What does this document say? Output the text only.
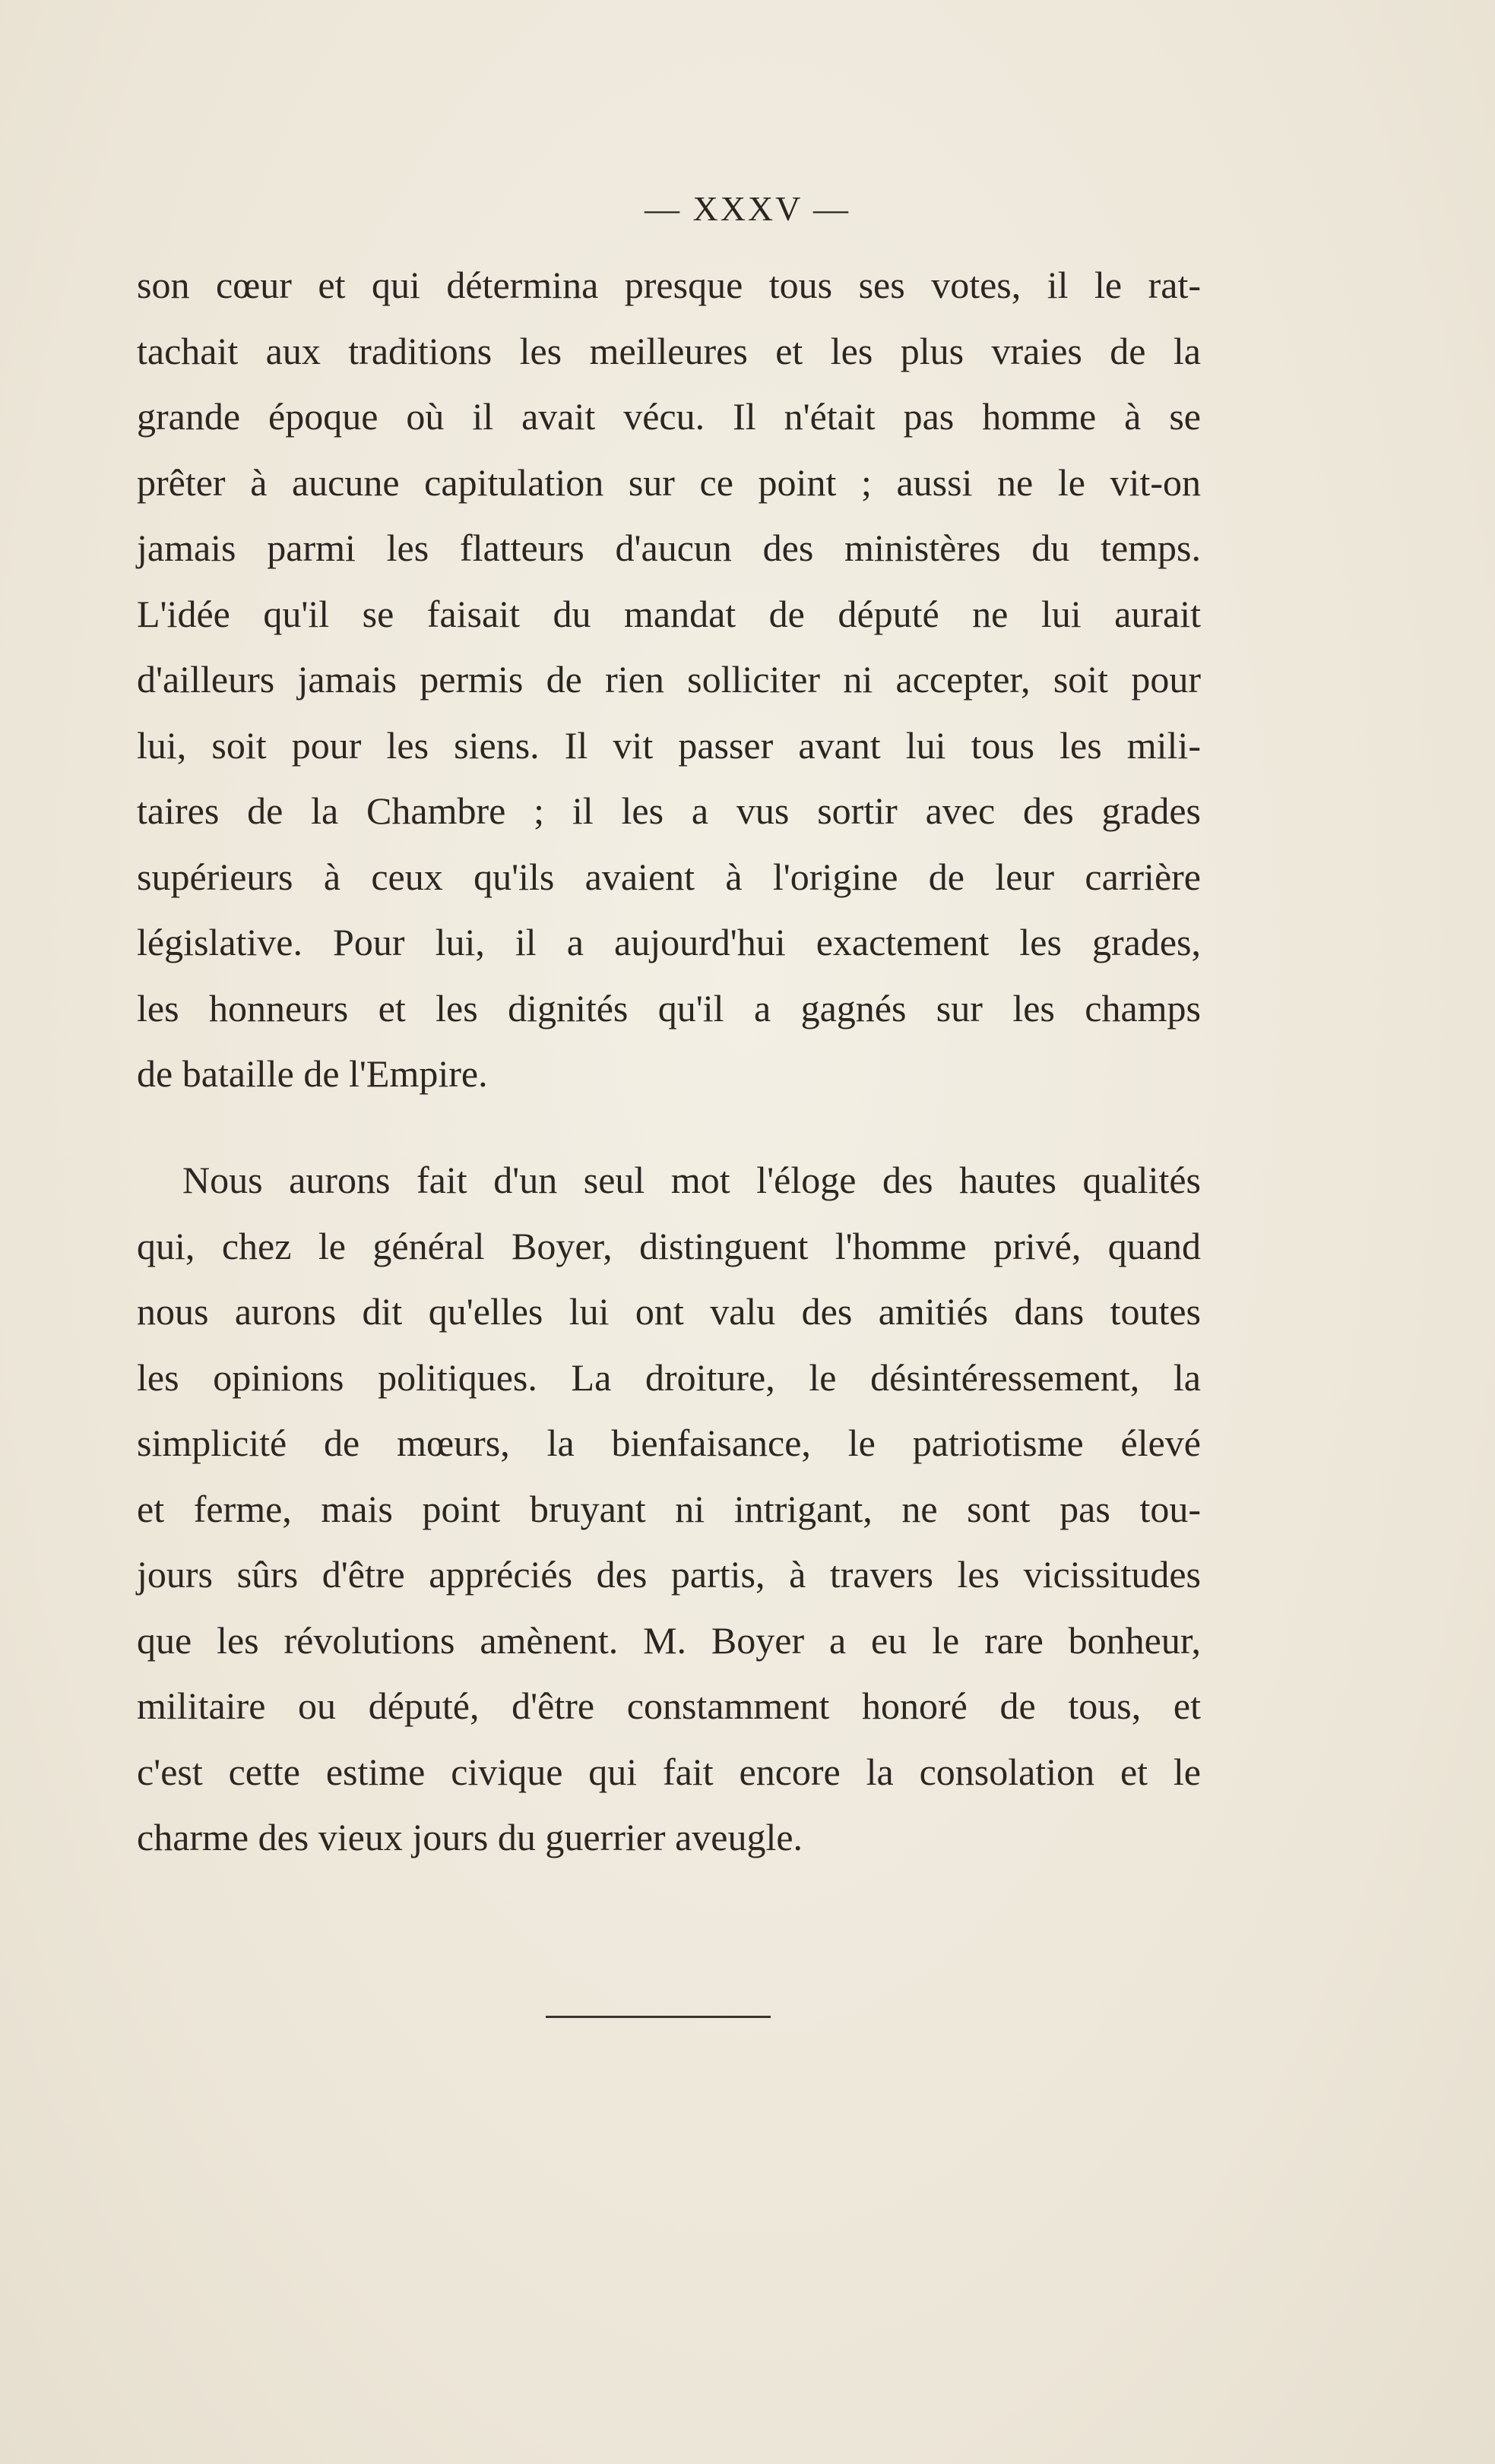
— XXXV —
son cœur et qui détermina presque tous ses votes, il le rat-
tachait aux traditions les meilleures et les plus vraies de la
grande époque où il avait vécu. Il n'était pas homme à se
prêter à aucune capitulation sur ce point ; aussi ne le vit-on
jamais parmi les flatteurs d'aucun des ministères du temps.
L'idée qu'il se faisait du mandat de député ne lui aurait
d'ailleurs jamais permis de rien solliciter ni accepter, soit pour
lui, soit pour les siens. Il vit passer avant lui tous les mili-
taires de la Chambre ; il les a vus sortir avec des grades
supérieurs à ceux qu'ils avaient à l'origine de leur carrière
législative. Pour lui, il a aujourd'hui exactement les grades,
les honneurs et les dignités qu'il a gagnés sur les champs
de bataille de l'Empire.
Nous aurons fait d'un seul mot l'éloge des hautes qualités
qui, chez le général Boyer, distinguent l'homme privé, quand
nous aurons dit qu'elles lui ont valu des amitiés dans toutes
les opinions politiques. La droiture, le désintéressement, la
simplicité de mœurs, la bienfaisance, le patriotisme élevé
et ferme, mais point bruyant ni intrigant, ne sont pas tou-
jours sûrs d'être appréciés des partis, à travers les vicissitudes
que les révolutions amènent. M. Boyer a eu le rare bonheur,
militaire ou député, d'être constamment honoré de tous, et
c'est cette estime civique qui fait encore la consolation et le
charme des vieux jours du guerrier aveugle.
